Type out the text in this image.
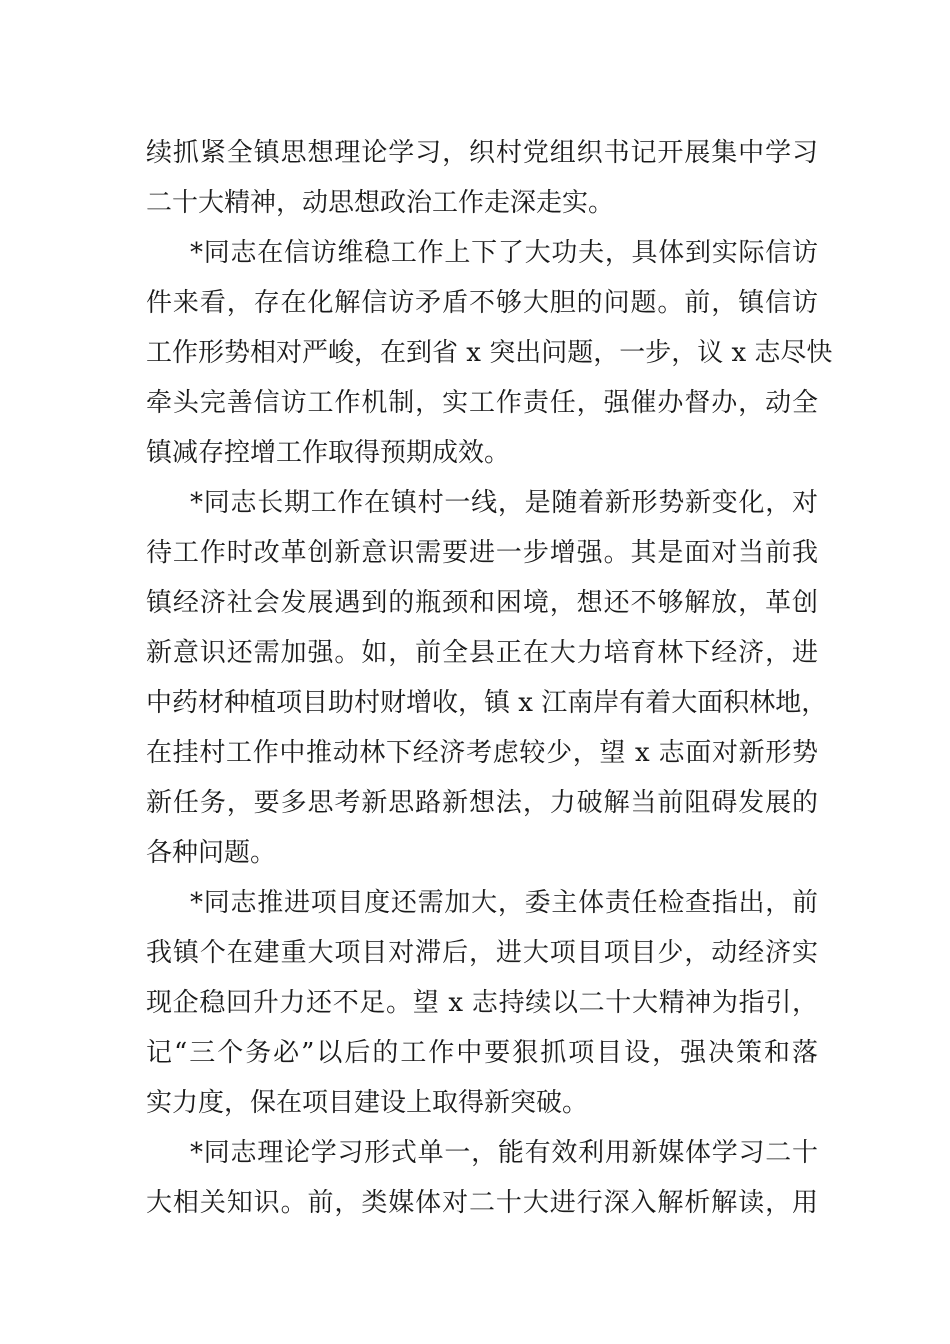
续抓紧全镇思想理论学习，织村党组织书记开展集中学习
二十大精神，动思想政治工作走深走实。
*同志在信访维稳工作上下了大功夫，具体到实际信访
件来看，存在化解信访矛盾不够大胆的问题。前，镇信访
工作形势相对严峻，在到省 x 突出问题，一步，议 x 志尽快
牵头完善信访工作机制，实工作责任，强催办督办，动全
镇减存控增工作取得预期成效。
*同志长期工作在镇村一线，是随着新形势新变化，对
待工作时改革创新意识需要进一步增强。其是面对当前我
镇经济社会发展遇到的瓶颈和困境，想还不够解放，革创
新意识还需加强。如，前全县正在大力培育林下经济，进
中药材种植项目助村财增收，镇 x 江南岸有着大面积林地，
在挂村工作中推动林下经济考虑较少，望 x 志面对新形势
新任务，要多思考新思路新想法，力破解当前阻碍发展的
各种问题。
*同志推进项目度还需加大，委主体责任检查指出，前
我镇个在建重大项目对滞后，进大项目项目少，动经济实
现企稳回升力还不足。望 x 志持续以二十大精神为指引，
记“三个务必”以后的工作中要狠抓项目设，强决策和落
实力度，保在项目建设上取得新突破。
*同志理论学习形式单一，能有效利用新媒体学习二十
大相关知识。前，类媒体对二十大进行深入解析解读，用
